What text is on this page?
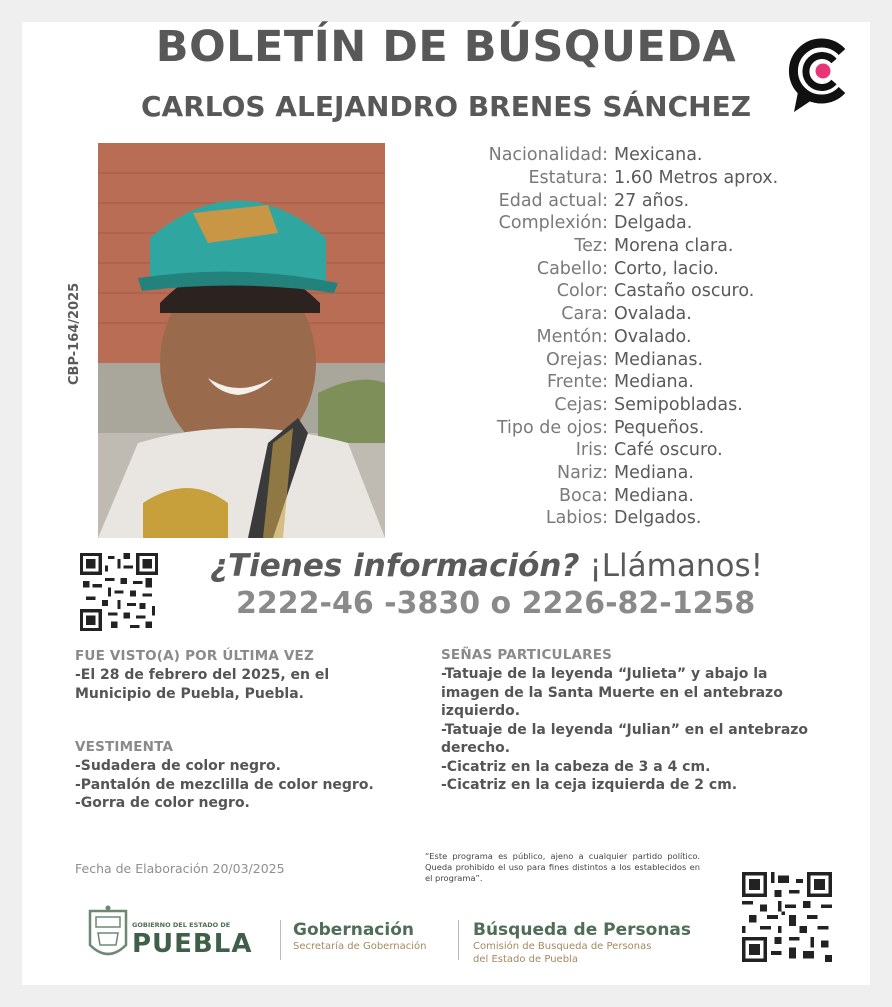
BOLETÍN DE BÚSQUEDA
CARLOS ALEJANDRO BRENES SÁNCHEZ
CBP-164/2025
Nacionalidad: Mexicana.
Estatura: 1.60 Metros aprox.
Edad actual: 27 años.
Complexión: Delgada.
Tez: Morena clara.
Cabello: Corto, lacio.
Color: Castaño oscuro.
Cara: Ovalada.
Mentón: Ovalado.
Orejas: Medianas.
Frente: Mediana.
Cejas: Semipobladas.
Tipo de ojos: Pequeños.
Iris: Café oscuro.
Nariz: Mediana.
Boca: Mediana.
Labios: Delgados.
¿Tienes información? ¡Llámanos!
2222-46 -3830 o 2226-82-1258
FUE VISTO(A) POR ÚLTIMA VEZ
-El 28 de febrero del 2025, en el
Municipio de Puebla, Puebla.
VESTIMENTA
-Sudadera de color negro.
-Pantalón de mezclilla de color negro.
-Gorra de color negro.
SEÑAS PARTICULARES
-Tatuaje de la leyenda “Julieta” y abajo la
imagen de la Santa Muerte en el antebrazo
izquierdo.
-Tatuaje de la leyenda “Julian” en el antebrazo
derecho.
-Cicatriz en la cabeza de 3 a 4 cm.
-Cicatriz en la ceja izquierda de 2 cm.
Fecha de Elaboración 20/03/2025
“Este programa es público, ajeno a cualquier partido político. Queda prohibido el uso para fines distintos a los establecidos en el programa”.
GOBIERNO DEL ESTADO DE
PUEBLA Gobernación
Secretaría de Gobernación
Búsqueda de Personas
Comisión de Busqueda de Personas
del Estado de Puebla
